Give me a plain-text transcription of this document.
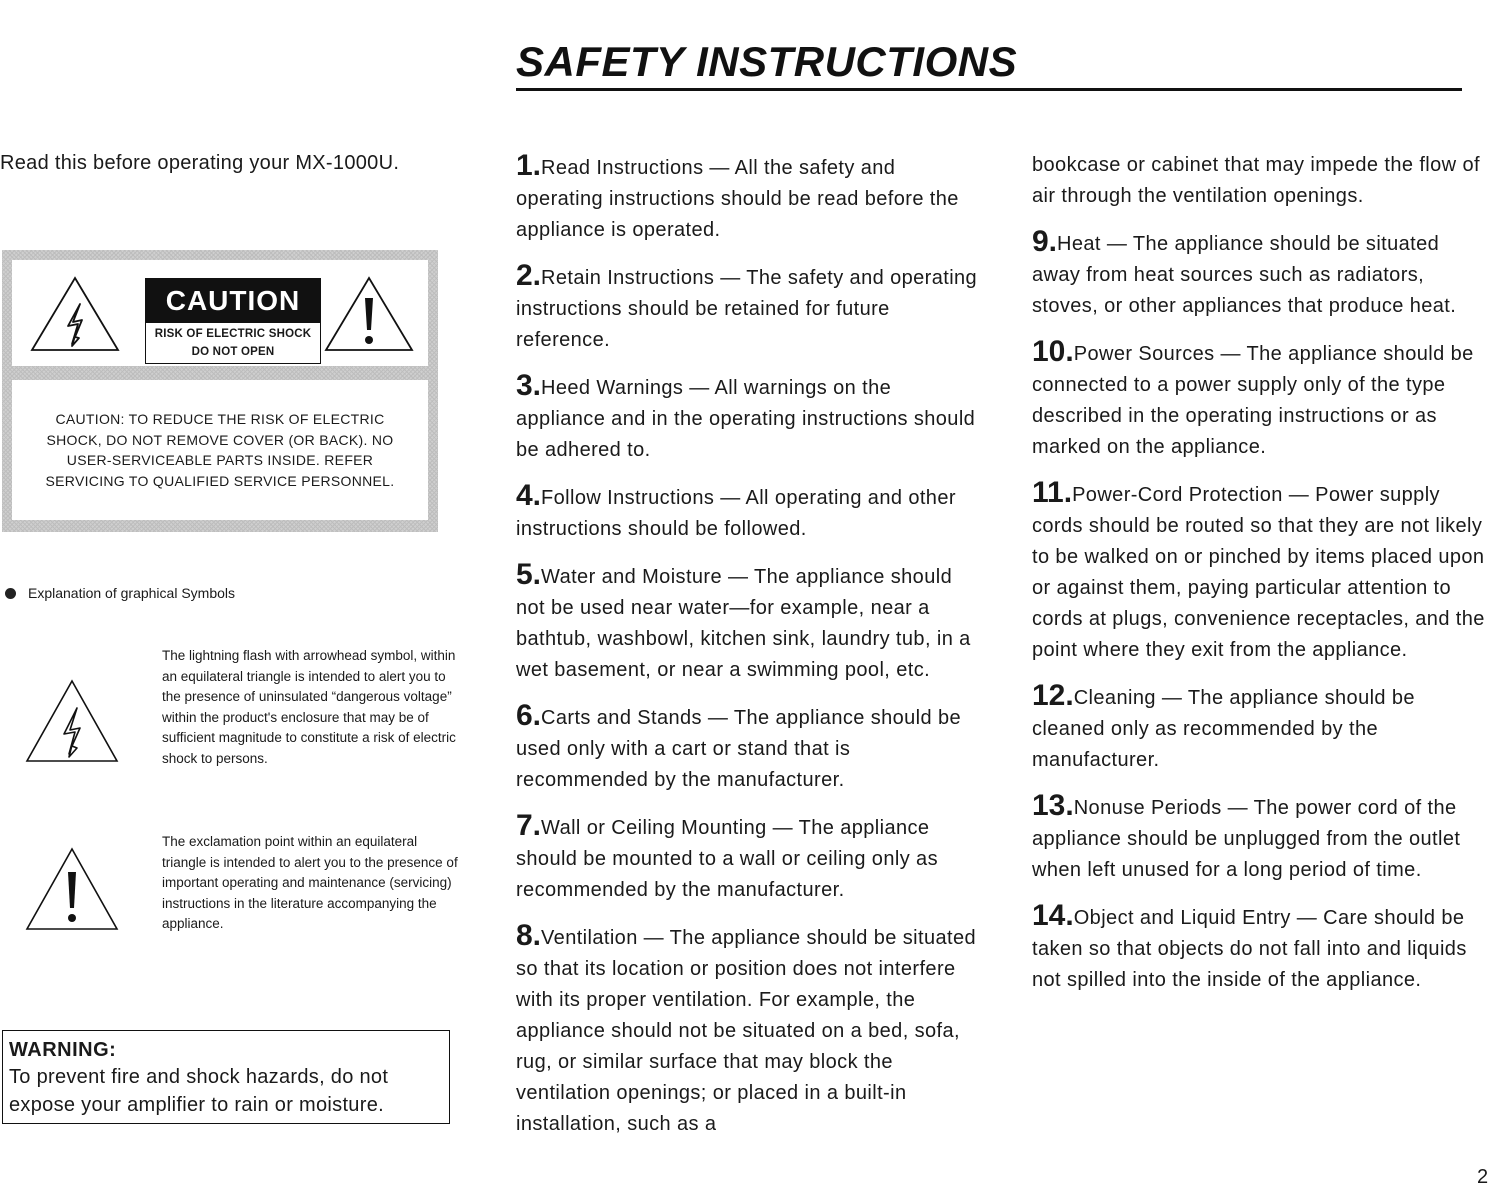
SAFETY INSTRUCTIONS
Read this before operating your MX-1000U.
CAUTION
RISK OF ELECTRIC SHOCK
DO NOT OPEN
CAUTION: TO REDUCE THE RISK OF ELECTRIC SHOCK, DO NOT REMOVE COVER (OR BACK). NO USER-SERVICEABLE PARTS INSIDE. REFER SERVICING TO QUALIFIED SERVICE PERSONNEL.
Explanation of graphical Symbols
The lightning flash with arrowhead symbol, within an equilateral triangle is intended to alert you to the presence of uninsulated “dangerous voltage” within the product's enclosure that may be of sufficient magnitude to constitute a risk of electric shock to persons.
The exclamation point within an equilateral triangle is intended to alert you to the presence of important operating and maintenance (servicing) instructions in the literature accompanying the appliance.
WARNING:
To prevent fire and shock hazards, do not expose your amplifier to rain or moisture.
1.Read Instructions — All the safety and operating instructions should be read before the appliance is operated.
2.Retain Instructions — The safety and operating instructions should be retained for future reference.
3.Heed Warnings — All warnings on the appliance and in the operating instructions should be adhered to.
4.Follow Instructions — All operating and other instructions should be followed.
5.Water and Moisture — The appliance should not be used near water—for example, near a bathtub, washbowl, kitchen sink, laundry tub, in a wet basement, or near a swimming pool, etc.
6.Carts and Stands — The appliance should be used only with a cart or stand that is recommended by the manufacturer.
7.Wall or Ceiling Mounting — The appliance should be mounted to a wall or ceiling only as recommended by the manufacturer.
8.Ventilation — The appliance should be situated so that its location or position does not interfere with its proper ventilation. For example, the appliance should not be situated on a bed, sofa, rug, or similar surface that may block the ventilation openings; or placed in a built-in installation, such as a
bookcase or cabinet that may impede the flow of air through the ventilation openings.
9.Heat — The appliance should be situated away from heat sources such as radiators, stoves, or other appliances that produce heat.
10.Power Sources — The appliance should be connected to a power supply only of the type described in the operating instructions or as marked on the appliance.
11.Power-Cord Protection — Power supply cords should be routed so that they are not likely to be walked on or pinched by items placed upon or against them, paying particular attention to cords at plugs, convenience receptacles, and the point where they exit from the appliance.
12.Cleaning — The appliance should be cleaned only as recommended by the manufacturer.
13.Nonuse Periods — The power cord of the appliance should be unplugged from the outlet when left unused for a long period of time.
14.Object and Liquid Entry — Care should be taken so that objects do not fall into and liquids not spilled into the inside of the appliance.
2
